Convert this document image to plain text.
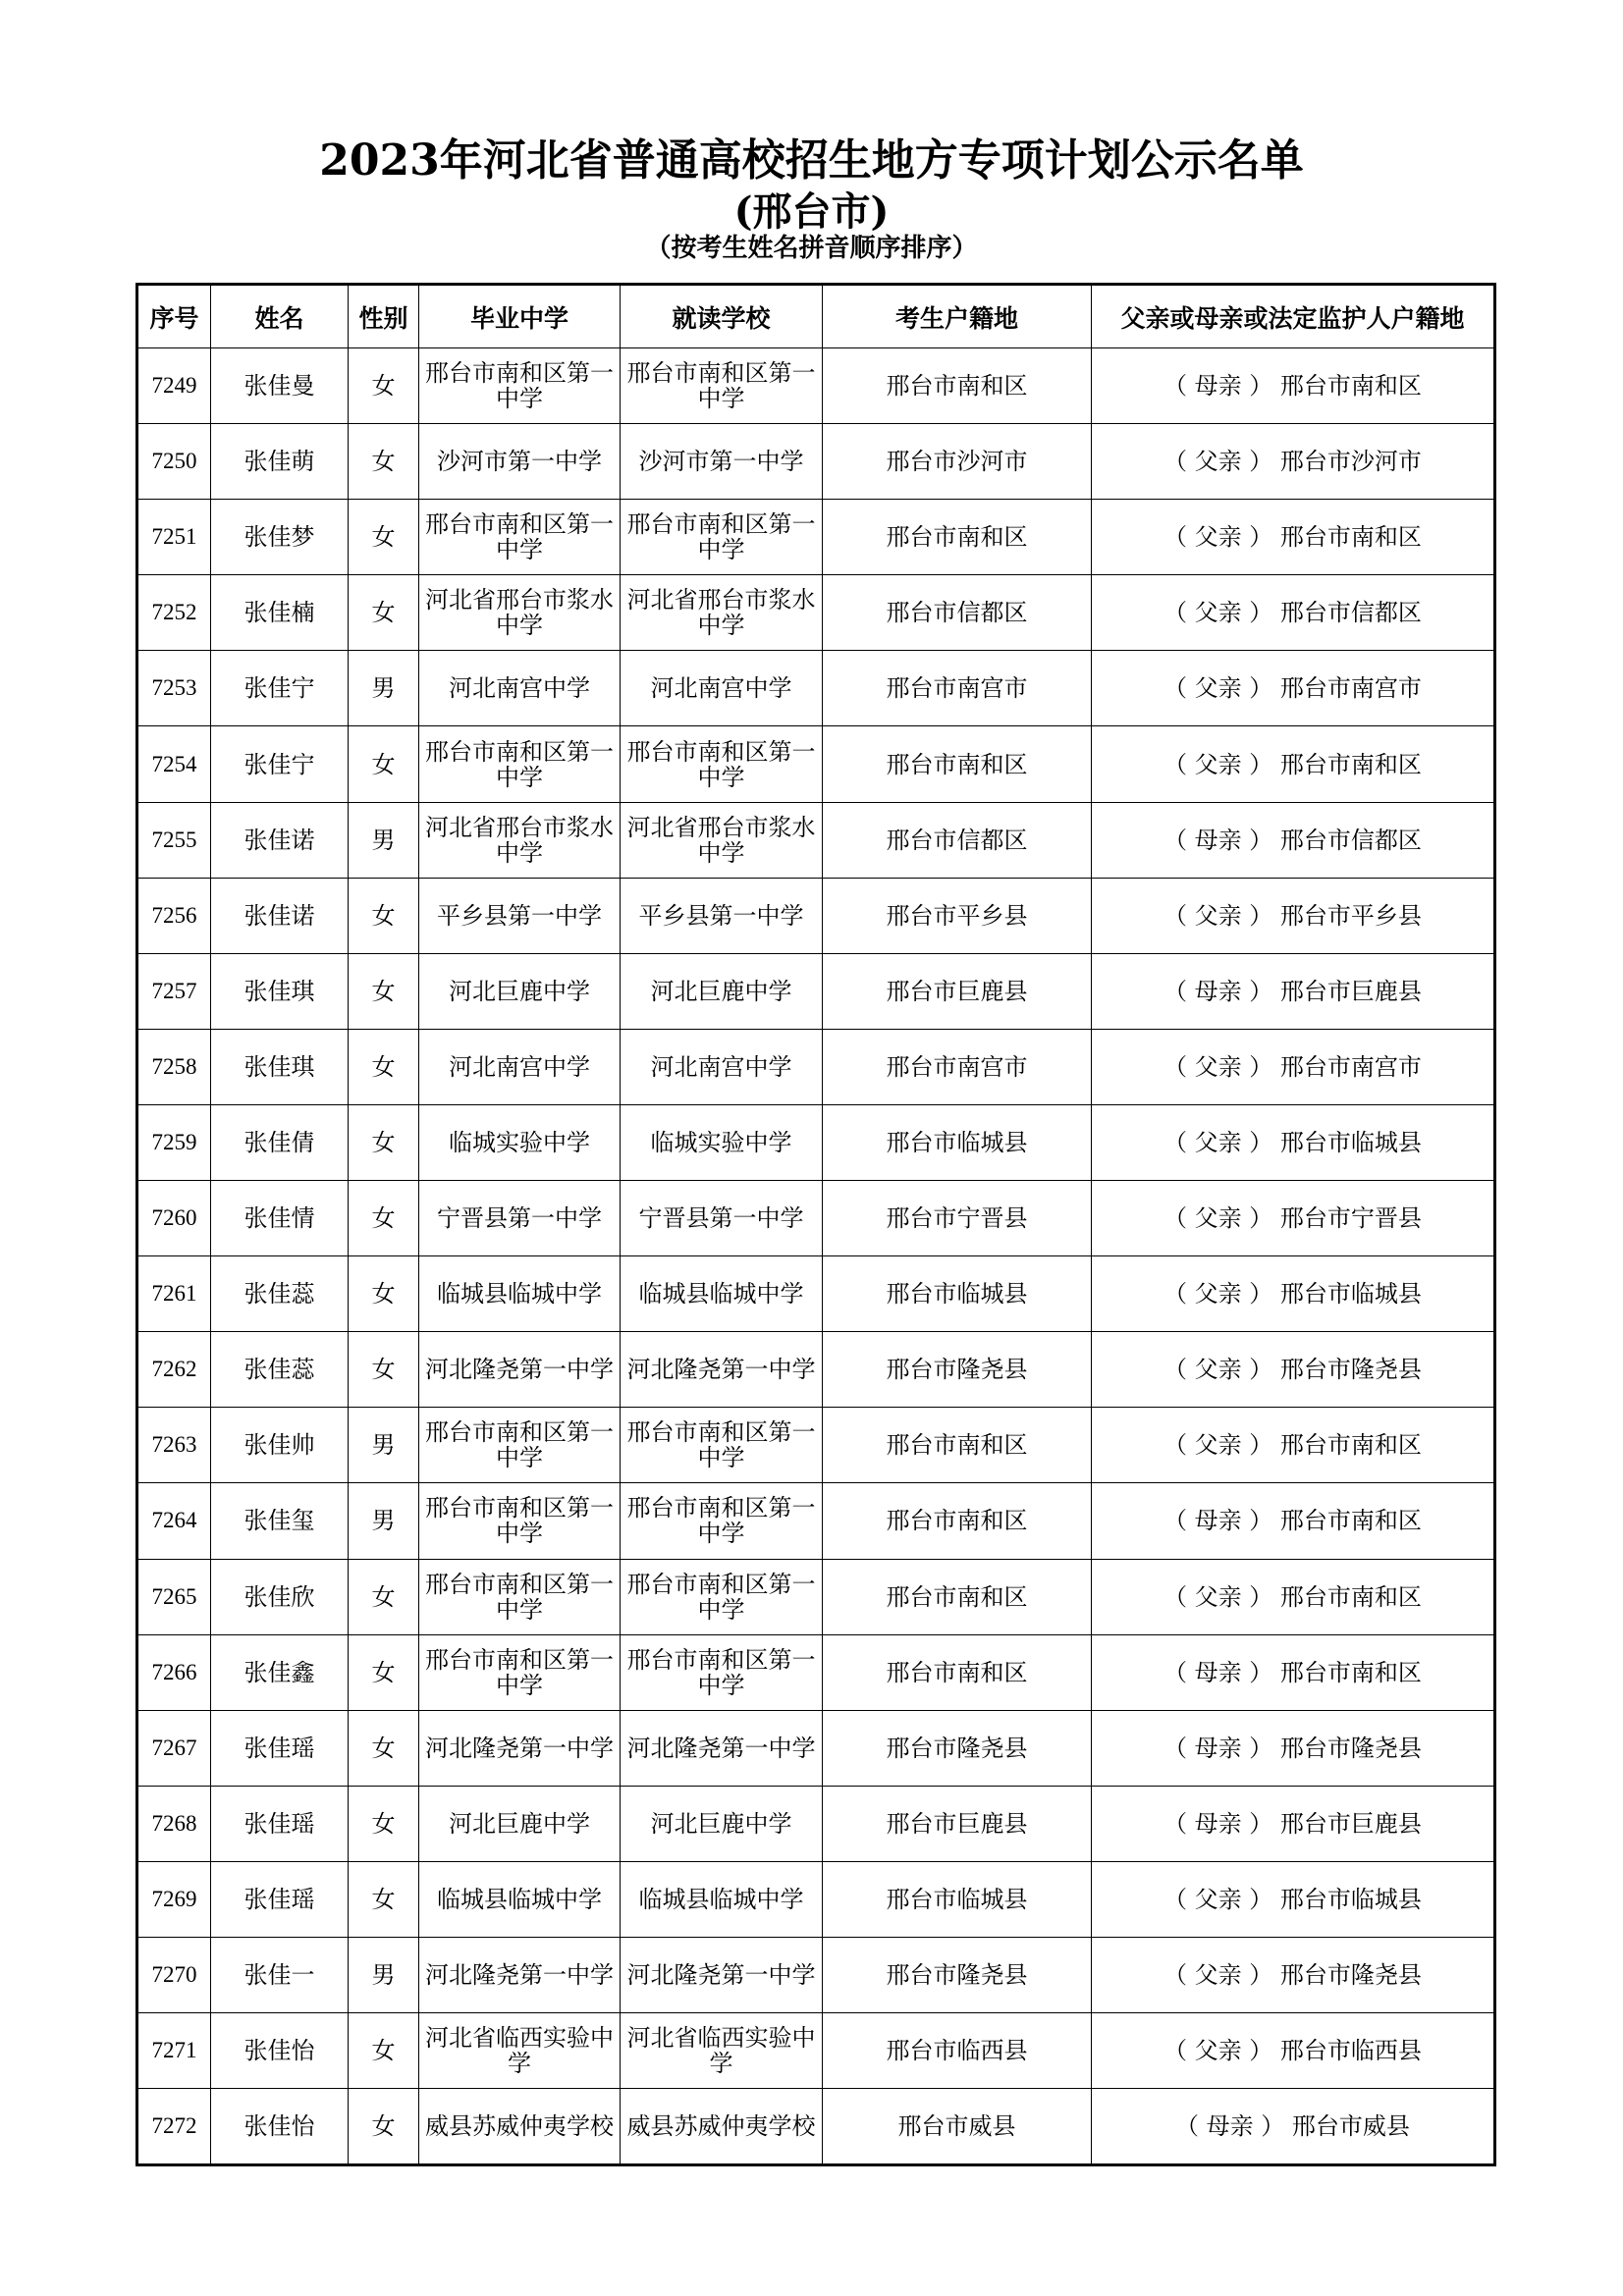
2023年河北省普通高校招生地方专项计划公示名单
(邢台市)
（按考生姓名拼音顺序排序）
序号	姓名	性别	毕业中学	就读学校	考生户籍地	父亲或母亲或法定监护人户籍地
7249	张佳曼	女	邢台市南和区第一中学	邢台市南和区第一中学	邢台市南和区	（ 母亲 ） 邢台市南和区
7250	张佳萌	女	沙河市第一中学	沙河市第一中学	邢台市沙河市	（ 父亲 ） 邢台市沙河市
7251	张佳梦	女	邢台市南和区第一中学	邢台市南和区第一中学	邢台市南和区	（ 父亲 ） 邢台市南和区
7252	张佳楠	女	河北省邢台市浆水中学	河北省邢台市浆水中学	邢台市信都区	（ 父亲 ） 邢台市信都区
7253	张佳宁	男	河北南宫中学	河北南宫中学	邢台市南宫市	（ 父亲 ） 邢台市南宫市
7254	张佳宁	女	邢台市南和区第一中学	邢台市南和区第一中学	邢台市南和区	（ 父亲 ） 邢台市南和区
7255	张佳诺	男	河北省邢台市浆水中学	河北省邢台市浆水中学	邢台市信都区	（ 母亲 ） 邢台市信都区
7256	张佳诺	女	平乡县第一中学	平乡县第一中学	邢台市平乡县	（ 父亲 ） 邢台市平乡县
7257	张佳琪	女	河北巨鹿中学	河北巨鹿中学	邢台市巨鹿县	（ 母亲 ） 邢台市巨鹿县
7258	张佳琪	女	河北南宫中学	河北南宫中学	邢台市南宫市	（ 父亲 ） 邢台市南宫市
7259	张佳倩	女	临城实验中学	临城实验中学	邢台市临城县	（ 父亲 ） 邢台市临城县
7260	张佳情	女	宁晋县第一中学	宁晋县第一中学	邢台市宁晋县	（ 父亲 ） 邢台市宁晋县
7261	张佳蕊	女	临城县临城中学	临城县临城中学	邢台市临城县	（ 父亲 ） 邢台市临城县
7262	张佳蕊	女	河北隆尧第一中学	河北隆尧第一中学	邢台市隆尧县	（ 父亲 ） 邢台市隆尧县
7263	张佳帅	男	邢台市南和区第一中学	邢台市南和区第一中学	邢台市南和区	（ 父亲 ） 邢台市南和区
7264	张佳玺	男	邢台市南和区第一中学	邢台市南和区第一中学	邢台市南和区	（ 母亲 ） 邢台市南和区
7265	张佳欣	女	邢台市南和区第一中学	邢台市南和区第一中学	邢台市南和区	（ 父亲 ） 邢台市南和区
7266	张佳鑫	女	邢台市南和区第一中学	邢台市南和区第一中学	邢台市南和区	（ 母亲 ） 邢台市南和区
7267	张佳瑶	女	河北隆尧第一中学	河北隆尧第一中学	邢台市隆尧县	（ 母亲 ） 邢台市隆尧县
7268	张佳瑶	女	河北巨鹿中学	河北巨鹿中学	邢台市巨鹿县	（ 母亲 ） 邢台市巨鹿县
7269	张佳瑶	女	临城县临城中学	临城县临城中学	邢台市临城县	（ 父亲 ） 邢台市临城县
7270	张佳一	男	河北隆尧第一中学	河北隆尧第一中学	邢台市隆尧县	（ 父亲 ） 邢台市隆尧县
7271	张佳怡	女	河北省临西实验中学	河北省临西实验中学	邢台市临西县	（ 父亲 ） 邢台市临西县
7272	张佳怡	女	威县苏威仲夷学校	威县苏威仲夷学校	邢台市威县	（ 母亲 ） 邢台市威县
